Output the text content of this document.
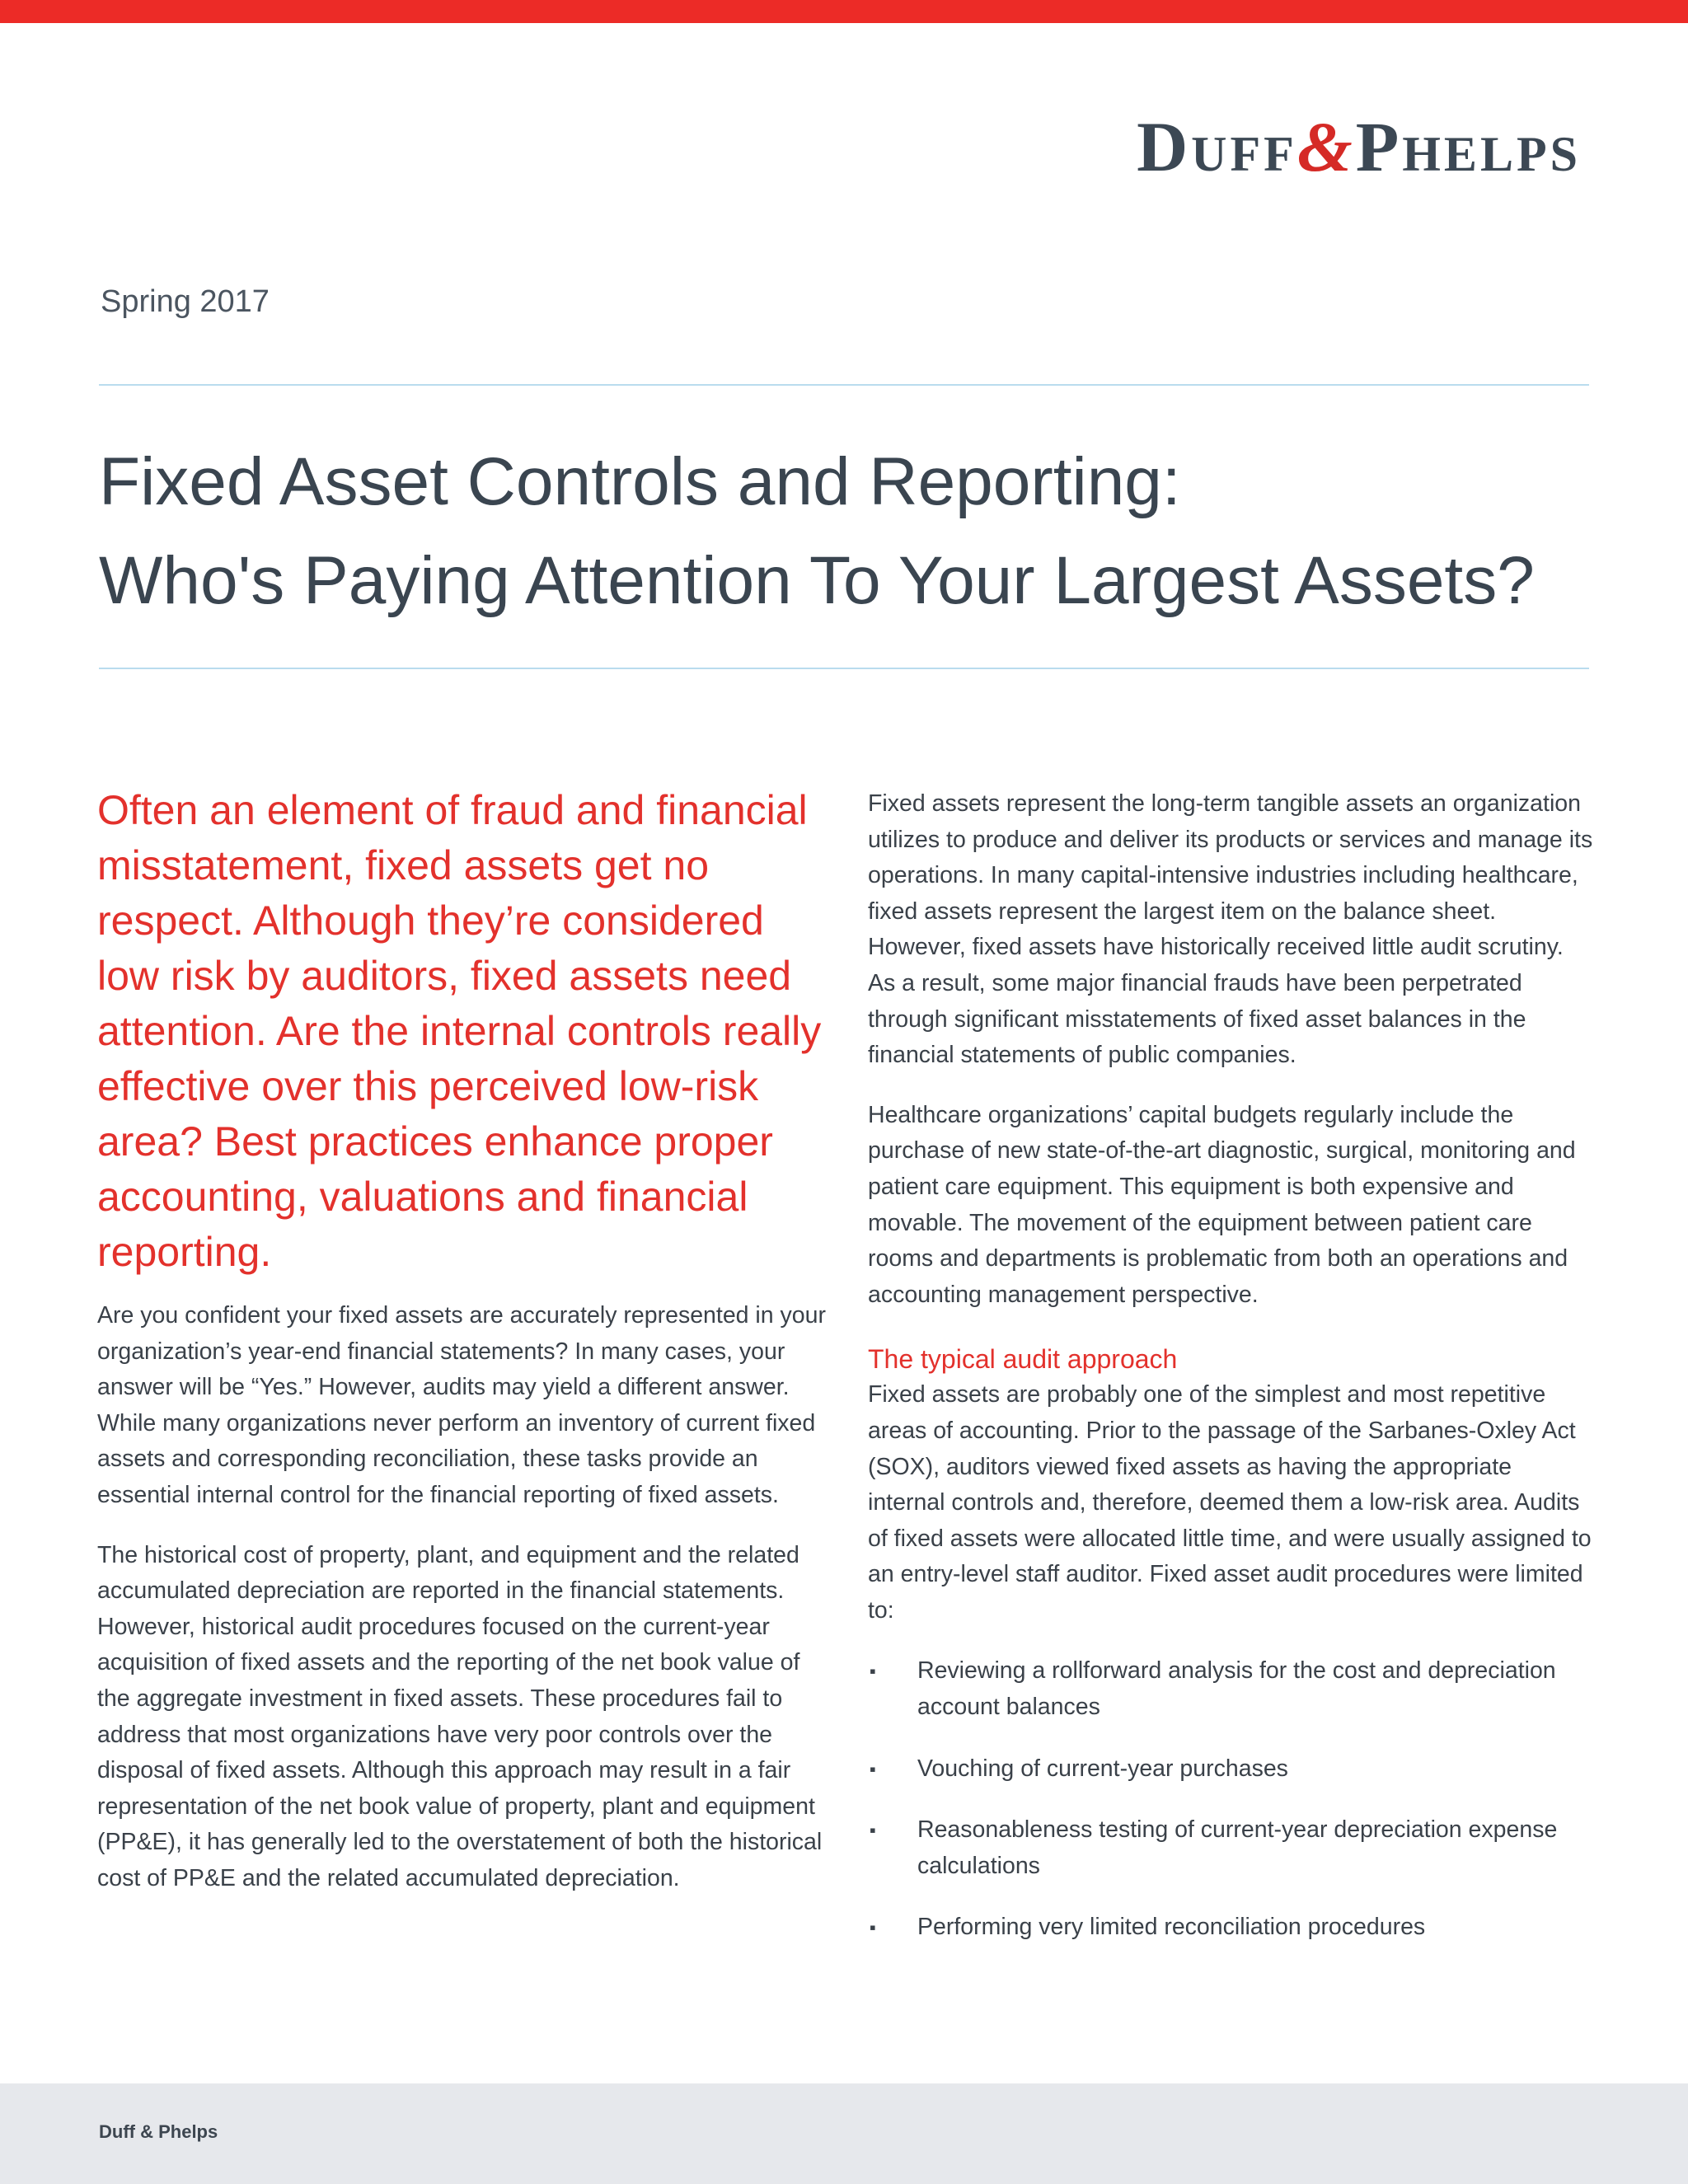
Duff&Phelps

Spring 2017

Fixed Asset Controls and Reporting:
Who's Paying Attention To Your Largest Assets?

Often an element of fraud and financial misstatement, fixed assets get no respect. Although they’re considered low risk by auditors, fixed assets need attention. Are the internal controls really effective over this perceived low-risk area? Best practices enhance proper accounting, valuations and financial reporting.

Are you confident your fixed assets are accurately represented in your organization’s year-end financial statements? In many cases, your answer will be “Yes.” However, audits may yield a different answer. While many organizations never perform an inventory of current fixed assets and corresponding reconciliation, these tasks provide an essential internal control for the financial reporting of fixed assets.

The historical cost of property, plant, and equipment and the related accumulated depreciation are reported in the financial statements. However, historical audit procedures focused on the current-year acquisition of fixed assets and the reporting of the net book value of the aggregate investment in fixed assets. These procedures fail to address that most organizations have very poor controls over the disposal of fixed assets. Although this approach may result in a fair representation of the net book value of property, plant and equipment (PP&E), it has generally led to the overstatement of both the historical cost of PP&E and the related accumulated depreciation.

Fixed assets represent the long-term tangible assets an organization utilizes to produce and deliver its products or services and manage its operations. In many capital-intensive industries including healthcare, fixed assets represent the largest item on the balance sheet. However, fixed assets have historically received little audit scrutiny. As a result, some major financial frauds have been perpetrated through significant misstatements of fixed asset balances in the financial statements of public companies.

Healthcare organizations’ capital budgets regularly include the purchase of new state-of-the-art diagnostic, surgical, monitoring and patient care equipment. This equipment is both expensive and movable. The movement of the equipment between patient care rooms and departments is problematic from both an operations and accounting management perspective.

The typical audit approach

Fixed assets are probably one of the simplest and most repetitive areas of accounting. Prior to the passage of the Sarbanes-Oxley Act (SOX), auditors viewed fixed assets as having the appropriate internal controls and, therefore, deemed them a low-risk area. Audits of fixed assets were allocated little time, and were usually assigned to an entry-level staff auditor. Fixed asset audit procedures were limited to:

▪ Reviewing a rollforward analysis for the cost and depreciation account balances
▪ Vouching of current-year purchases
▪ Reasonableness testing of current-year depreciation expense calculations
▪ Performing very limited reconciliation procedures

Duff & Phelps
